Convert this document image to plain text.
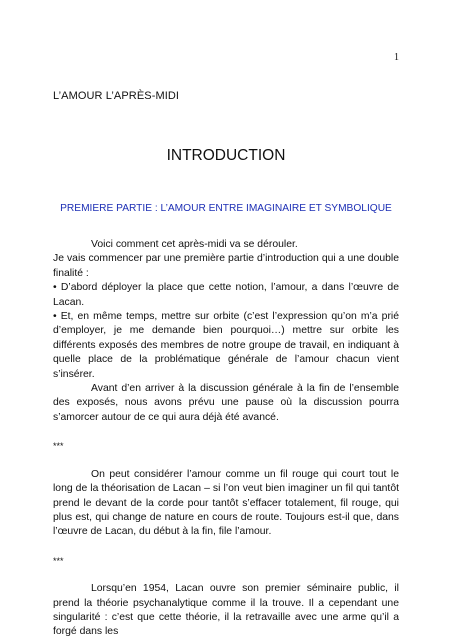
1
L’AMOUR L’APRÈS-MIDI
INTRODUCTION
PREMIERE PARTIE : L’AMOUR ENTRE IMAGINAIRE ET SYMBOLIQUE

Voici comment cet après-midi va se dérouler.

Je vais commencer par une première partie d’introduction qui a une double finalité :

• D’abord déployer la place que cette notion, l’amour, a dans l’œuvre de Lacan.

• Et, en même temps, mettre sur orbite (c’est l’expression qu’on m’a prié d’employer, je me demande bien pourquoi…) mettre sur orbite les différents exposés des membres de notre groupe de travail, en indiquant à quelle place de la problématique générale de l’amour chacun vient s’insérer.

Avant d’en arriver à la discussion générale à la fin de l’ensemble des exposés, nous avons prévu une pause où la discussion pourra s’amorcer autour de ce qui aura déjà été avancé.

***

On peut considérer l’amour comme un fil rouge qui court tout le long de la théorisation de Lacan – si l’on veut bien imaginer un fil qui tantôt prend le devant de la corde pour tantôt s’effacer totalement, fil rouge, qui plus est, qui change de nature en cours de route. Toujours est-il que, dans l’œuvre de Lacan, du début à la fin, file l’amour.

***

Lorsqu’en 1954, Lacan ouvre son premier séminaire public, il prend la théorie psychanalytique comme il la trouve. Il a cependant une singularité : c’est que cette théorie, il la retravaille avec une arme qu’il a forgé dans les
